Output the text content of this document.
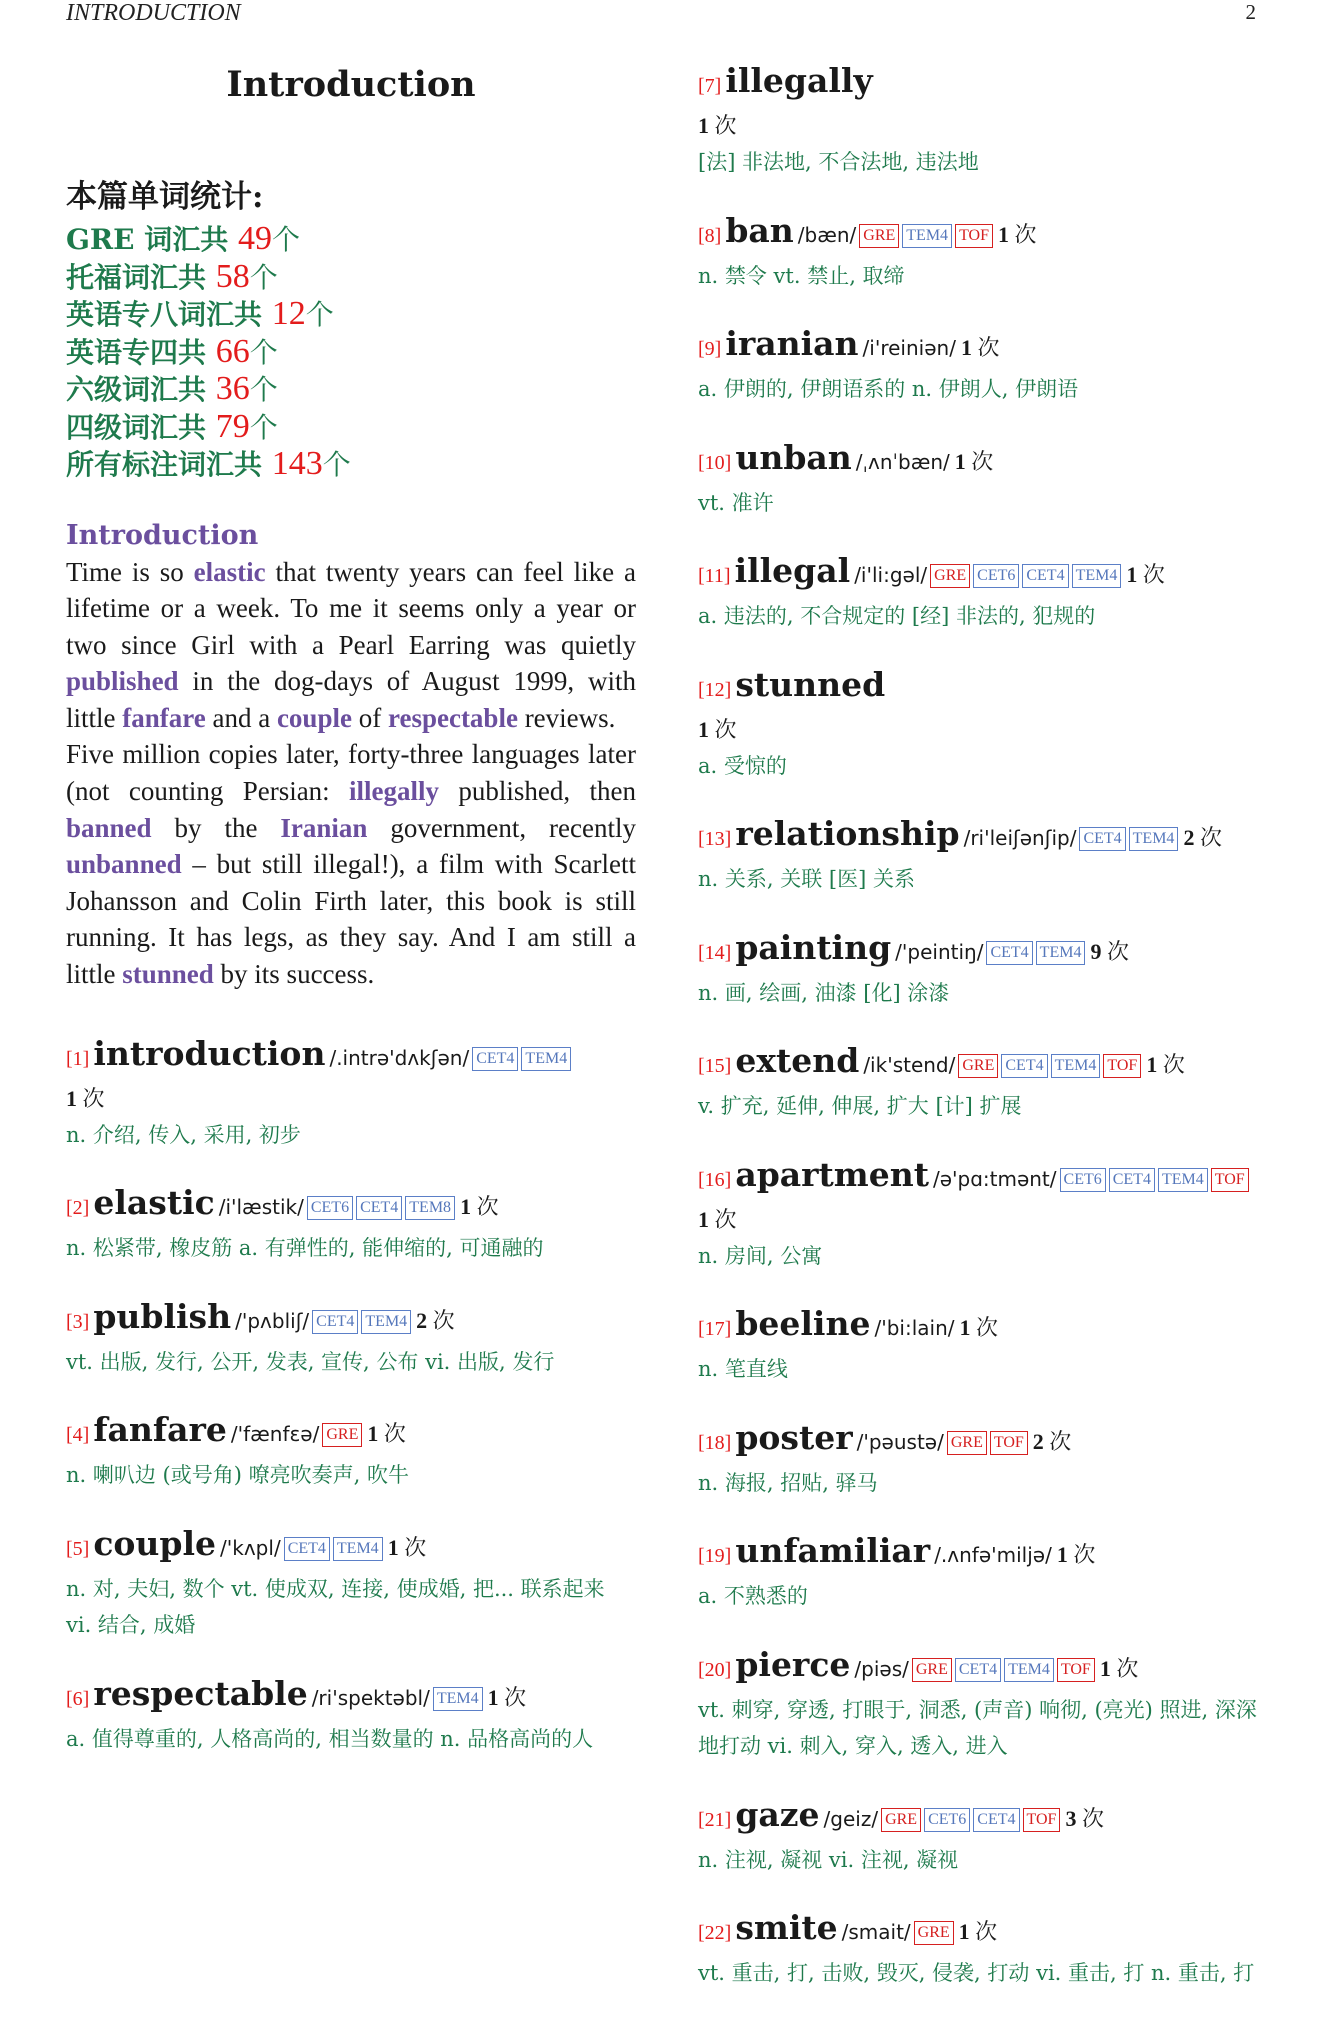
INTRODUCTION	2
Introduction
本篇单词统计:
GRE 词汇共 49个
托福词汇共 58个
英语专八词汇共 12个
英语专四共 66个
六级词汇共 36个
四级词汇共 79个
所有标注词汇共 143个
Introduction

Time is so elastic that twenty years can feel like a lifetime or a week. To me it seems only a year or two since Girl with a Pearl Earring was quietly published in the dog-days of August 1999, with little fanfare and a couple of respectable reviews.
Five million copies later, forty-three languages later (not counting Persian: illegally published, then banned by the Iranian government, recently unbanned – but still illegal!), a film with Scarlett Johansson and Colin Firth later, this book is still running. It has legs, as they say. And I am still a little stunned by its success.

[1] introduction /.intrə'dʌkʃən/ CET4 TEM4
1 次
n. 介绍, 传入, 采用, 初步
[2] elastic /i'læstik/ CET6 CET4 TEM8 1 次
n. 松紧带, 橡皮筋 a. 有弹性的, 能伸缩的, 可通融的
[3] publish /'pʌbliʃ/ CET4 TEM4 2 次
vt. 出版, 发行, 公开, 发表, 宣传, 公布 vi. 出版, 发行
[4] fanfare /'fænfɛə/ GRE 1 次
n. 喇叭边 (或号角) 嘹亮吹奏声, 吹牛
[5] couple /'kʌpl/ CET4 TEM4 1 次
n. 对, 夫妇, 数个 vt. 使成双, 连接, 使成婚, 把... 联系起来 vi. 结合, 成婚
[6] respectable /ri'spektəbl/ TEM4 1 次
a. 值得尊重的, 人格高尚的, 相当数量的 n. 品格高尚的人
[7] illegally
1 次
[法] 非法地, 不合法地, 违法地
[8] ban /bæn/ GRE TEM4 TOF 1 次
n. 禁令 vt. 禁止, 取缔
[9] iranian /i'reiniən/ 1 次
a. 伊朗的, 伊朗语系的 n. 伊朗人, 伊朗语
[10] unban /ˌʌnˈbæn/ 1 次
vt. 准许
[11] illegal /i'li:gəl/ GRE CET6 CET4 TEM4 1 次
a. 违法的, 不合规定的 [经] 非法的, 犯规的
[12] stunned
1 次
a. 受惊的
[13] relationship /ri'leiʃənʃip/ CET4 TEM4 2 次
n. 关系, 关联 [医] 关系
[14] painting /'peintiŋ/ CET4 TEM4 9 次
n. 画, 绘画, 油漆 [化] 涂漆
[15] extend /ik'stend/ GRE CET4 TEM4 TOF 1 次
v. 扩充, 延伸, 伸展, 扩大 [计] 扩展
[16] apartment /ə'pɑ:tmənt/ CET6 CET4 TEM4 TOF
1 次
n. 房间, 公寓
[17] beeline /'bi:lain/ 1 次
n. 笔直线
[18] poster /'pəustə/ GRE TOF 2 次
n. 海报, 招贴, 驿马
[19] unfamiliar /.ʌnfə'miljə/ 1 次
a. 不熟悉的
[20] pierce /piəs/ GRE CET4 TEM4 TOF 1 次
vt. 刺穿, 穿透, 打眼于, 洞悉, (声音) 响彻, (亮光) 照进, 深深地打动 vi. 刺入, 穿入, 透入, 进入
[21] gaze /geiz/ GRE CET6 CET4 TOF 3 次
n. 注视, 凝视 vi. 注视, 凝视
[22] smite /smait/ GRE 1 次
vt. 重击, 打, 击败, 毁灭, 侵袭, 打动 vi. 重击, 打 n. 重击, 打
